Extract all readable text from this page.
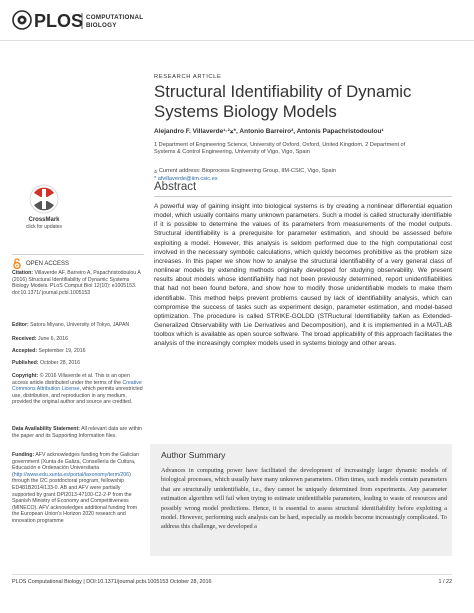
PLOS COMPUTATIONAL
BIOLOGY
RESEARCH ARTICLE
Structural Identifiability of Dynamic
Systems Biology Models
Alejandro F. Villaverde¹·²⨱*, Antonio Barreiro², Antonis Papachristodoulou¹
1 Department of Engineering Science, University of Oxford, Oxford, United Kingdom, 2 Department of
Systems & Control Engineering, University of Vigo, Vigo, Spain
⨱ Current address: Bioprocess Engineering Group, IIM-CSIC, Vigo, Spain
* afvillaverde@iim.csic.es
Abstract
A powerful way of gaining insight into biological systems is by creating a nonlinear differential equation model, which usually contains many unknown parameters. Such a model is called structurally identifiable if it is possible to determine the values of its parameters from measurements of the model outputs. Structural identifiability is a prerequisite for parameter estimation, and should be assessed before exploiting a model. However, this analysis is seldom performed due to the high computational cost involved in the necessary symbolic calculations, which quickly becomes prohibitive as the problem size increases. In this paper we show how to analyse the structural identifiability of a very general class of nonlinear models by extending methods originally developed for studying observability. We present results about models whose identifiability had not been previously determined, report unidentifiabilities that had not been found before, and show how to modify those unidentifiable models to make them identifiable. This method helps prevent problems caused by lack of identifiability analysis, which can compromise the success of tasks such as experiment design, parameter estimation, and model-based optimization. The procedure is called STRIKE-GOLDD (STRuctural Identifiability taKen as Extended-Generalized Observability with Lie Derivatives and Decomposition), and it is implemented in a MATLAB toolbox which is available as open source software. The broad applicability of this approach facilitates the analysis of the increasingly complex models used in systems biology and other areas.
CrossMark
click for updates
OPEN ACCESS
Citation: Villaverde AF, Barreiro A, Papachristodoulou A (2016) Structural Identifiability of Dynamic Systems Biology Models. PLoS Comput Biol 12(10): e1005153. doi:10.1371/ journal.pcbi.1005153
Editor: Satoru Miyano, University of Tokyo, JAPAN
Received: June 6, 2016
Accepted: September 19, 2016
Published: October 28, 2016
Copyright: © 2016 Villaverde et al. This is an open access article distributed under the terms of the Creative Commons Attribution License, which permits unrestricted use, distribution, and reproduction in any medium, provided the original author and source are credited.
Data Availability Statement: All relevant data are within the paper and its Supporting Information files.
Funding: AFV acknowledges funding from the Galician government (Xunta de Galiza, Consellería de Cultura, Educación e Ordenación Universitaria (http://www.edu.xunta.es/portal/taxonomy/term/206) through the I2C postdoctoral program, fellowship ED481B2014/133-0. AB and AFV were partially supported by grant DPI2013-47100-C2-2-P from the Spanish Ministry of Economy and Competitiveness (MINECO). AFV acknowledges additional funding from the European Union's Horizon 2020 research and innovation programme
Author Summary
Advances in computing power have facilitated the development of increasingly larger dynamic models of biological processes, which usually have many unknown parameters. Often times, such models contain parameters that are structurally unidentifiable, i.e., they cannot be uniquely determined from experiments. Any parameter estimation algorithm will fail when trying to estimate unidentifiable parameters, leading to waste of resources and possibly wrong model predictions. Hence, it is essential to assess structural identifiability before exploiting a model. However, performing such analysis can be hard, especially as models become increasingly complicated. To address this challenge, we developed a
PLOS Computational Biology | DOI:10.1371/journal.pcbi.1005153 October 28, 2016	1 / 22
